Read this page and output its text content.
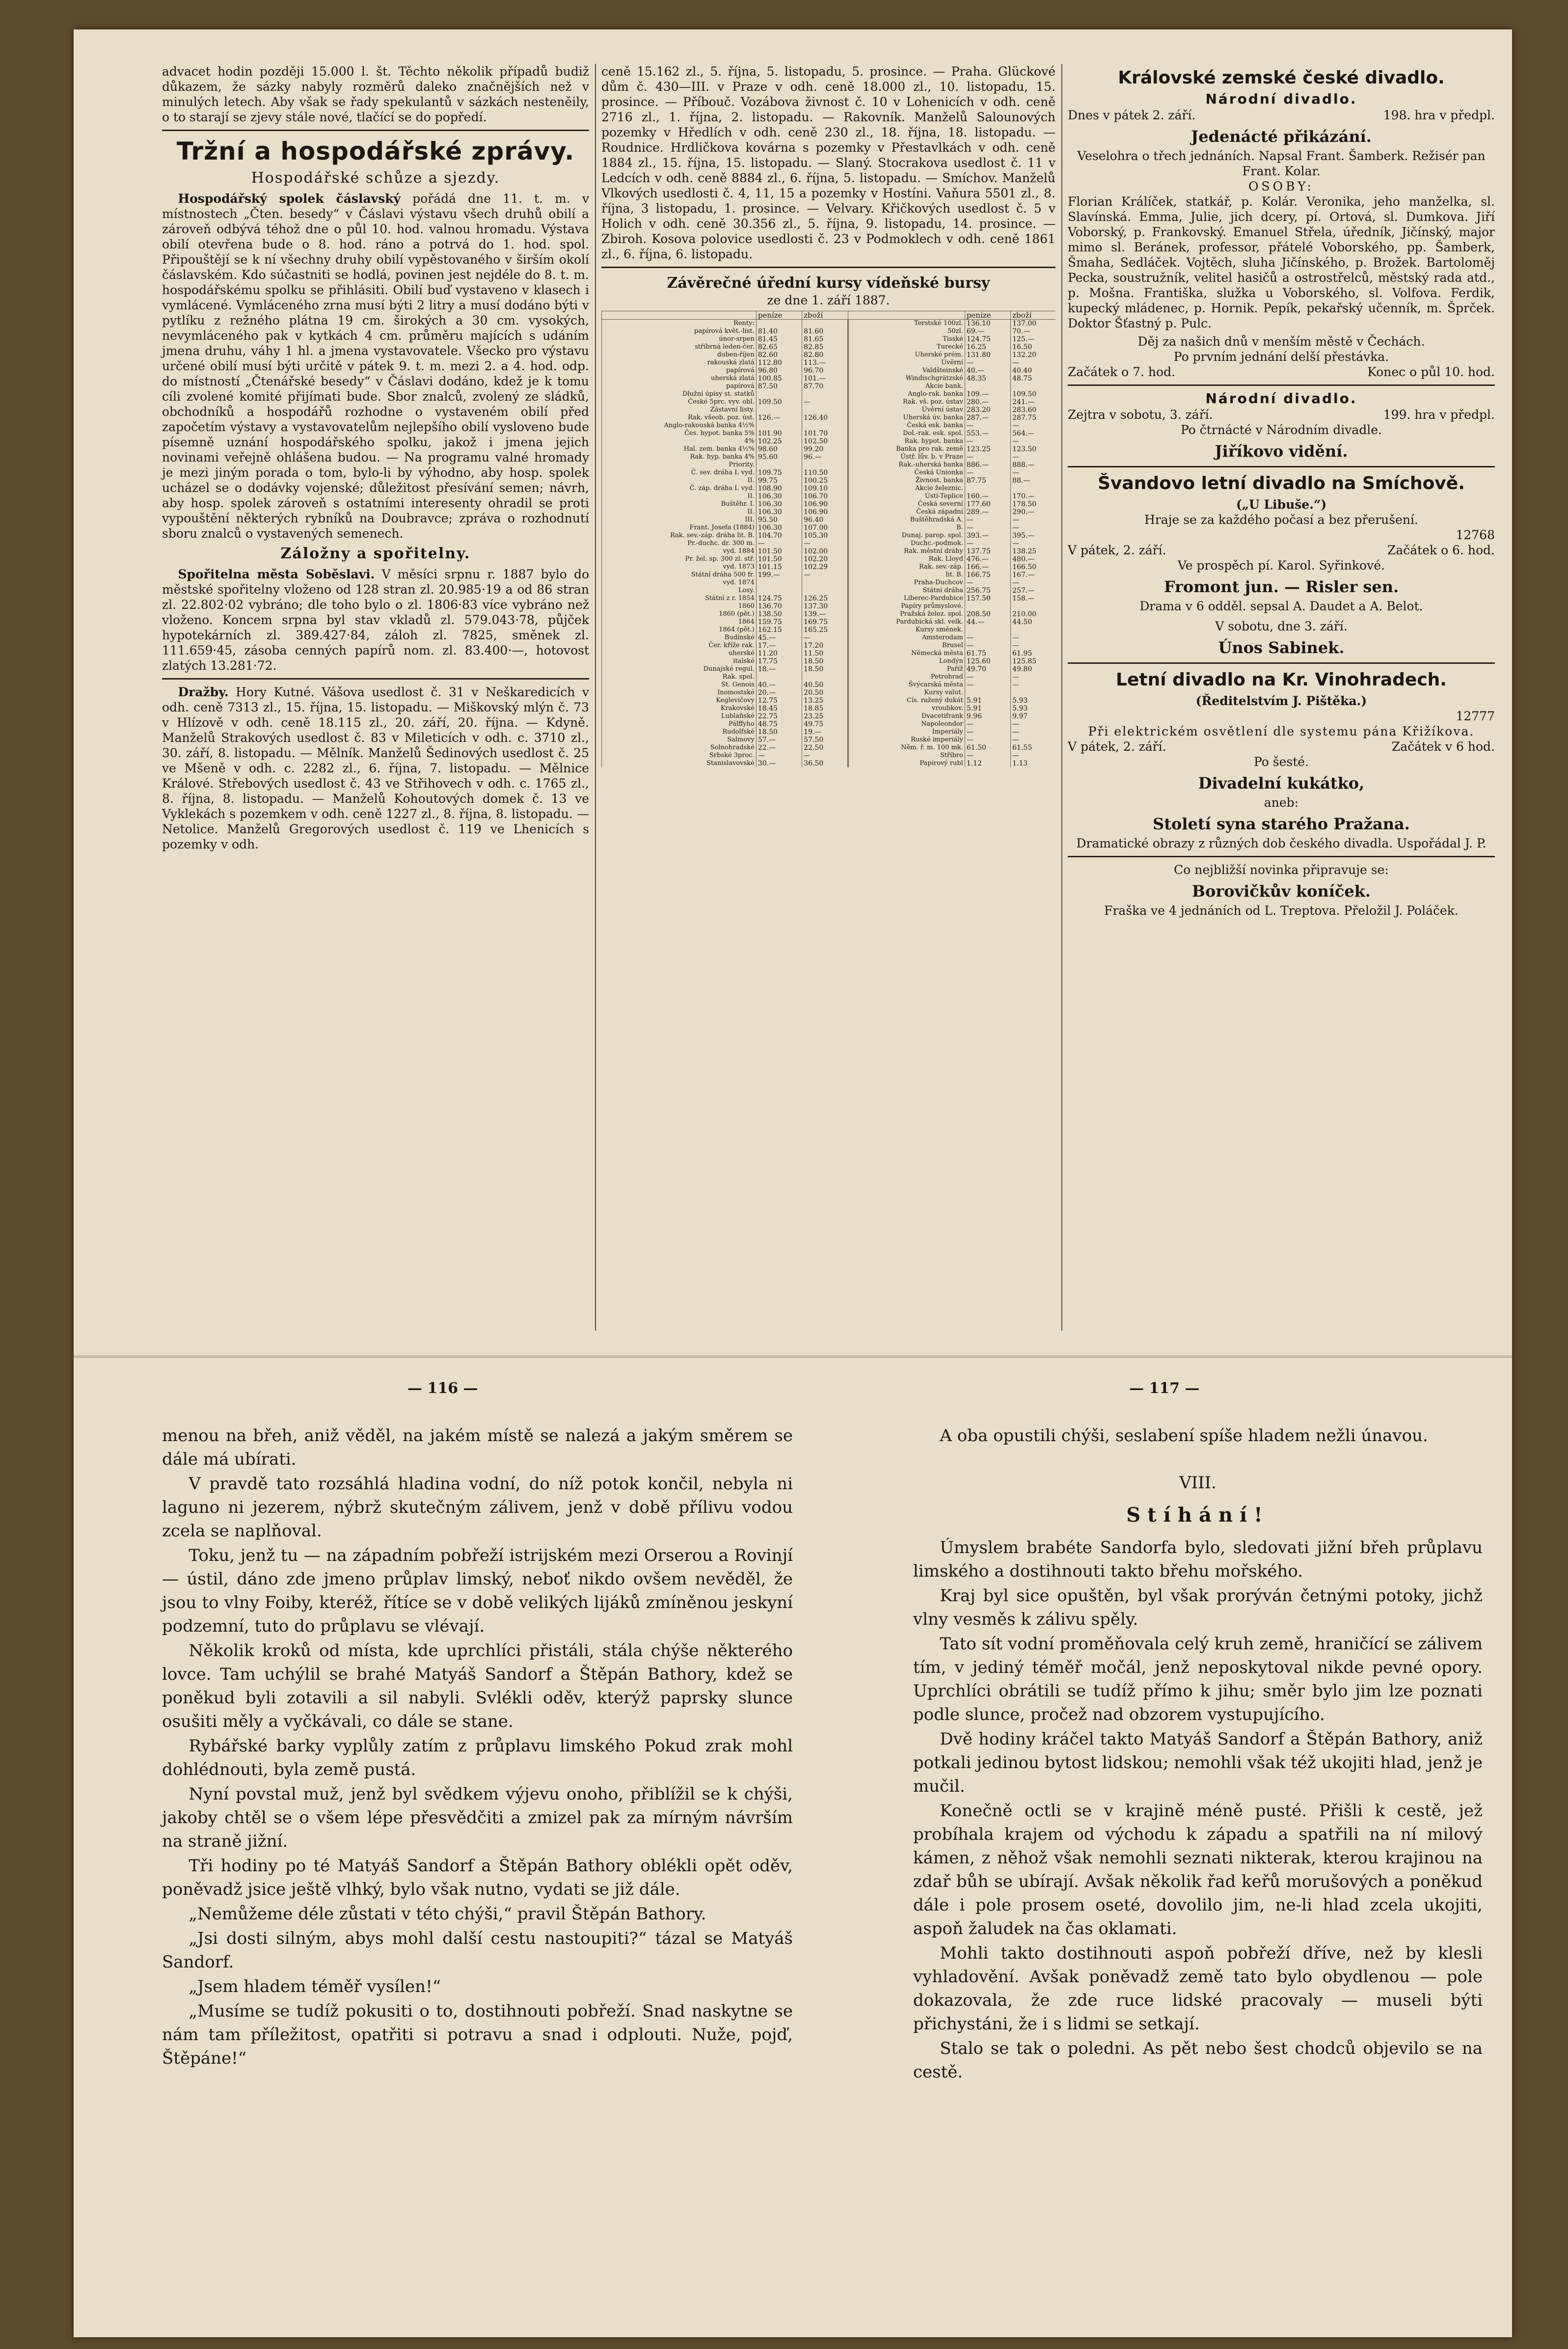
advacet hodin později 15.000 l. št. Těchto několik případů budiž důkazem, že sázky nabyly rozměrů daleko značnějších než v minulých letech. Aby však se řady spekulantů v sázkách nesteněily, o to starají se zjevy stále nové, tlačící se do popředí.

Tržní a hospodářské zprávy.
Hospodářské schůze a sjezdy.

Hospodářský spolek čáslavský pořádá dne 11. t. m. v místnostech „Čten. besedy“ v Čáslavi výstavu všech druhů obilí a zároveň odbývá téhož dne o půl 10. hod. valnou hromadu. Výstava obilí otevřena bude o 8. hod. ráno a potrvá do 1. hod. spol. Připouštějí se k ní všechny druhy obilí vypěstovaného v širším okolí čáslavském. Kdo súčastniti se hodlá, povinen jest nejdéle do 8. t. m. hospodářskému spolku se přihlásiti. Obilí buď vystaveno v klasech i vymlácené. Vymláceného zrna musí býti 2 litry a musí dodáno býti v pytlíku z režného plátna 19 cm. širokých a 30 cm. vysokých, nevymláceného pak v kytkách 4 cm. průměru majících s udáním jmena druhu, váhy 1 hl. a jmena vystavovatele. Všecko pro výstavu určené obilí musí býti určitě v pátek 9. t. m. mezi 2. a 4. hod. odp. do místností „Čtenářské besedy“ v Čáslavi dodáno, kdež je k tomu cíli zvolené komité přijímati bude. Sbor znalců, zvolený ze sládků, obchodníků a hospodářů rozhodne o vystaveném obilí před započetím výstavy a vystavovatelům nejlepšího obilí vysloveno bude písemně uznání hospodářského spolku, jakož i jmena jejich novinami veřejně ohlášena budou. — Na programu valné hromady je mezi jiným porada o tom, bylo-li by výhodno, aby hosp. spolek ucházel se o dodávky vojenské; důležitost přesívání semen; návrh, aby hosp. spolek zároveň s ostatními interesenty ohradil se proti vypouštění některých rybníků na Doubravce; zpráva o rozhodnutí sboru znalců o vystavených semenech.

Záložny a spořitelny.

Spořitelna města Soběslavi. V měsíci srpnu r. 1887 bylo do městské spořitelny vloženo od 128 stran zl. 20.985·19 a od 86 stran zl. 22.802·02 vybráno; dle toho bylo o zl. 1806·83 více vybráno než vloženo. Koncem srpna byl stav vkladů zl. 579.043·78, půjček hypotekárních zl. 389.427·84, záloh zl. 7825, směnek zl. 111.659·45, zásoba cenných papírů nom. zl. 83.400·—, hotovost zlatých 13.281·72.

Dražby. Hory Kutné. Vášova usedlost č. 31 v Neškaredicích v odh. ceně 7313 zl., 15. října, 15. listopadu. — Miškovský mlýn č. 73 v Hlízově v odh. ceně 18.115 zl., 20. září, 20. října. — Kdyně. Manželů Strakových usedlost č. 83 v Mileticích v odh. c. 3710 zl., 30. září, 8. listopadu. — Mělník. Manželů Šedinových usedlost č. 25 ve Mšeně v odh. c. 2282 zl., 6. října, 7. listopadu. — Mělnice Králové. Střebových usedlost č. 43 ve Střihovech v odh. c. 1765 zl., 8. října, 8. listopadu. — Manželů Kohoutových domek č. 13 ve Vyklekách s pozemkem v odh. ceně 1227 zl., 8. října, 8. listopadu. — Netolice. Manželů Gregorových usedlost č. 119 ve Lhenicích s pozemky v odh.

ceně 15.162 zl., 5. října, 5. listopadu, 5. prosince. — Praha. Glückové dům č. 430—III. v Praze v odh. ceně 18.000 zl., 10. listopadu, 15. prosince. — Příbouč. Vozábova živnost č. 10 v Lohenicích v odh. ceně 2716 zl., 1. října, 2. listopadu. — Rakovník. Manželů Salounových pozemky v Hředlích v odh. ceně 230 zl., 18. října, 18. listopadu. — Roudnice. Hrdličkova kovárna s pozemky v Přestavlkách v odh. ceně 1884 zl., 15. října, 15. listopadu. — Slaný. Stocrakova usedlost č. 11 v Ledcích v odh. ceně 8884 zl., 6. října, 5. listopadu. — Smíchov. Manželů Vlkových usedlosti č. 4, 11, 15 a pozemky v Hostíni. Vaňura 5501 zl., 8. října, 3 listopadu, 1. prosince. — Velvary. Křičkových usedlost č. 5 v Holich v odh. ceně 30.356 zl., 5. října, 9. listopadu, 14. prosince. — Zbiroh. Kosova polovice usedlosti č. 23 v Podmoklech v odh. ceně 1861 zl., 6. října, 6. listopadu.

Závěrečné úřední kursy vídeňské bursy
ze dne 1. září 1887.
	peníze	zboží		peníze	zboží
Renty:			Terstské 100zl.	136.10	137.00
papírová květ.-list.	81.40	81.60	50zl.	69.—	70.—
únor-srpen	81.45	81.65	Tisské	124.75	125.—
stříbrná leden-čer.	82.65	82.85	Turecké	16.25	16.50
duben-říjen	82.60	82.80	Uherské prém.	131.80	132.20
rakouská zlatá	112.80	113.—	Úvěrní	—	—
papírová	96.80	96.70	Valdšteinské	40.—	40.40
uherská zlatá	100.85	101.—	Windischgrätzské	48.35	48.75
papírová	87.50	87.70	Akcie bank.		
Dlužní úpisy st. statků			Anglo-rak. banka	109.—	109.50
České 5prc. vyv. obl.	109.50	—	Rak. vš. poz. ústav	280.—	241.—
Zástavní listy.			Úvěrní ústav	283.20	283.60
Rak. všeob. poz. úst.	126.—	126.40	Uherská úv. banka	287.—	287.75
Anglo-rakouská banka 4½%			Česká esk. banka	—	—
Čes. hypot. banka 5%	101.90	101.70	Dol.-rak. esk. spol.	553.—	564.—
4%	102.25	102.50	Rak. hypot. banka	—	—
Hal. zem. banka 4½%	98.60	99.20	Banka pro rak. země	123.25	123.50
Rak. hyp. banka 4%	95.60	96.—	Ústř. lův. b. v Praze	—	—
Priority.			Rak.-uherská banka	886.—	888.—
Č. sev. dráha I. vyd.	109.75	110.50	Česká Unionka	—	—
II.	99.75	100.25	Živnost. banka	87.75	88.—
Č. záp. dráha I. vyd.	108.90	109.10	Akcie železnic.		
II.	106.30	106.70	Ústí-Teplice	160.—	170.—
Buštěhr. I.	106.30	106.90	Česká severní	177.60	178.50
II.	106.30	106.90	Česká západní	289.—	290.—
III.	95.50	96.40	Buštěhradská A.	—	—
Frant. Josefa (1884)	106.30	107.00	B.	—	—
Rak. sev.-záp. dráha lit. B.	104.70	105.30	Dunaj. parop. spol.	393.—	395.—
Pr.-duchc. dr. 300 m.	—	—	Duchc.-podmok.	—	—
vyd. 1884	101.50	102.00	Rak. městní dráhy	137.75	138.25
Pr. žel. sp. 300 zl. stř.	101.50	102.20	Rak. Lloyd	476.—	480.—
vyd. 1873	101.15	102.29	Rak. sev.-záp.	166.—	166.50
Státní dráha 500 fr.	199.—	—	lit. B.	166.75	167.—
vyd. 1874			Praha-Duchcov	—	—
Losy.			Státní dráha	256.75	257.—
Státní z r. 1854	124.75	126.25	Liberec-Pardubice	157.50	158.—
1860	136.70	137.30	Papíry průmyslové.		
1860 (pět.)	138.50	139.—	Pražská želez. spol.	208.50	210.00
1864	159.75	169.75	Pardubická skl. velk.	44.—	44.50
1864 (pět.)	162.15	165.25	Kursy směnek.		
Budínské	45.—	—	Amsterodam	—	—
Čer. kříže rak.	17.—	17.20	Brusel	—	—
uherské	11.20	11.50	Německá města	61.75	61.95
italské	17.75	18.50	Londýn	125.60	125.85
Dunajské regul.	18.—	18.50	Paříž	49.70	49.80
Rak. spol.			Petrohrad	—	—
St. Genois	40.—	40.50	Švýcarská města	—	—
Inomostské	20.—	20.50	Kursy valut.		
Keglevičovy	12.75	13.25	Cís. ražený dukát	5.91	5.93
Krakovské	18.45	18.85	vroubkov.	5.91	5.93
Lublaňské	22.75	23.25	Dvacetifrank	9.96	9.97
Pálffyho	48.75	49.75	Napoleondor	—	—
Rudolfské	18.50	19.—	Imperiály	—	—
Salmovy	57.—	57.50	Ruské imperiály	—	—
Solnohradské	22.—	22.50	Něm. ř. m. 100 mk.	61.50	61.55
Srbské 3proc.	—	—	Stříbro	—	—
Stanislavovské	30.—	36.50	Papírový rubl	1.12	1.13
Královské zemské české divadlo.
Národní divadlo.
Dnes v pátek 2. září.	198. hra v předpl.
Jedenácté přikázání.
Veselohra o třech jednáních. Napsal Frant. Šamberk. Režisér pan Frant. Kolar.
OSOBY:

Florian Králíček, statkář, p. Kolár. Veronika, jeho manželka, sl. Slavínská. Emma, Julie, jich dcery, pí. Ortová, sl. Dumkova. Jiří Voborský, p. Frankovský. Emanuel Střela, úředník, Jičínský, major mimo sl. Beránek, professor, přátelé Voborského, pp. Šamberk, Šmaha, Sedláček. Vojtěch, sluha Jičínského, p. Brožek. Bartoloměj Pecka, soustružník, velitel hasičů a ostrostřelců, městský rada atd., p. Mošna. Františka, služka u Voborského, sl. Volfova. Ferdik, kupecký mládenec, p. Hornik. Pepík, pekařský učenník, m. Šprček. Doktor Šťastný p. Pulc.

Děj za našich dnů v menším městě v Čechách.
Po prvním jednání delší přestávka.
Začátek o 7. hod.	Konec o půl 10. hod.
Národní divadlo.
Zejtra v sobotu, 3. září.	199. hra v předpl.
Po čtrnácté v Národním divadle.
Jiříkovo vidění.
Švandovo letní divadlo na Smíchově.
(„U Libuše.“)
Hraje se za každého počasí a bez přerušení.
12768
V pátek, 2. září.	Začátek o 6. hod.
Ve prospěch pí. Karol. Syřinkové.
Fromont jun. — Risler sen.
Drama v 6 odděl. sepsal A. Daudet a A. Belot.
V sobotu, dne 3. září.
Únos Sabinek.
Letní divadlo na Kr. Vinohradech.
(Ředitelstvím J. Pištěka.)
12777
Při elektrickém osvětlení dle systemu pána Křižíkova.
V pátek, 2. září.	Začátek v 6 hod.
Po šesté.
Divadelní kukátko,
aneb:
Století syna starého Pražana.
Dramatické obrazy z různých dob českého divadla. Uspořádal J. P.
Co nejbližší novinka připravuje se:
Borovičkův koníček.
Fraška ve 4 jednáních od L. Treptova. Přeložil J. Poláček.
— 116 —	— 117 —

menou na břeh, aniž věděl, na jakém místě se nalezá a jakým směrem se dále má ubírati.

V pravdě tato rozsáhlá hladina vodní, do níž potok končil, nebyla ni laguno ni jezerem, nýbrž skutečným zálivem, jenž v době přílivu vodou zcela se naplňoval.

Toku, jenž tu — na západním pobřeží istrijském mezi Orserou a Rovinjí — ústil, dáno zde jmeno průplav limský, neboť nikdo ovšem nevěděl, že jsou to vlny Foiby, kteréž, řítíce se v době velikých lijáků zmíněnou jeskyní podzemní, tuto do průplavu se vlévají.

Několik kroků od místa, kde uprchlíci přistáli, stála chýše některého lovce. Tam uchýlil se brahé Matyáš Sandorf a Štěpán Bathory, kdež se poněkud byli zotavili a sil nabyli. Svlékli oděv, kterýž paprsky slunce osušiti měly a vyčkávali, co dále se stane.

Rybářské barky vyplůly zatím z průplavu limského Pokud zrak mohl dohlédnouti, byla země pustá.

Nyní povstal muž, jenž byl svědkem výjevu onoho, přiblížil se k chýši, jakoby chtěl se o všem lépe přesvědčiti a zmizel pak za mírným návrším na straně jižní.

Tři hodiny po té Matyáš Sandorf a Štěpán Bathory oblékli opět oděv, poněvadž jsice ještě vlhký, bylo však nutno, vydati se již dále.

„Nemůžeme déle zůstati v této chýši,“ pravil Štěpán Bathory.

„Jsi dosti silným, abys mohl další cestu nastoupiti?“ tázal se Matyáš Sandorf.

„Jsem hladem téměř vysílen!“

„Musíme se tudíž pokusiti o to, dostihnouti pobřeží. Snad naskytne se nám tam příležitost, opatřiti si potravu a snad i odplouti. Nuže, pojď, Štěpáne!“

A oba opustili chýši, seslabení spíše hladem nežli únavou.

VIII.
Stíhání!

Úmyslem brabéte Sandorfa bylo, sledovati jižní břeh průplavu limského a dostihnouti takto břehu mořského.

Kraj byl sice opuštěn, byl však prorýván četnými potoky, jichž vlny vesměs k zálivu spěly.

Tato sít vodní proměňovala celý kruh země, hraničící se zálivem tím, v jediný téměř močál, jenž neposkytoval nikde pevné opory. Uprchlíci obrátili se tudíž přímo k jihu; směr bylo jim lze poznati podle slunce, pročež nad obzorem vystupujícího.

Dvě hodiny kráčel takto Matyáš Sandorf a Štěpán Bathory, aniž potkali jedinou bytost lidskou; nemohli však též ukojiti hlad, jenž je mučil.

Konečně octli se v krajině méně pusté. Přišli k cestě, jež probíhala krajem od východu k západu a spatřili na ní milový kámen, z něhož však nemohli seznati nikterak, kterou krajinou na zdař bůh se ubírají. Avšak několik řad keřů morušových a poněkud dále i pole prosem oseté, dovolilo jim, ne-li hlad zcela ukojiti, aspoň žaludek na čas oklamati.

Mohli takto dostihnouti aspoň pobřeží dříve, než by klesli vyhladovění. Avšak poněvadž země tato bylo obydlenou — pole dokazovala, že zde ruce lidské pracovaly — museli býti přichystáni, že i s lidmi se setkají.

Stalo se tak o poledni. As pět nebo šest chodců objevilo se na cestě.
